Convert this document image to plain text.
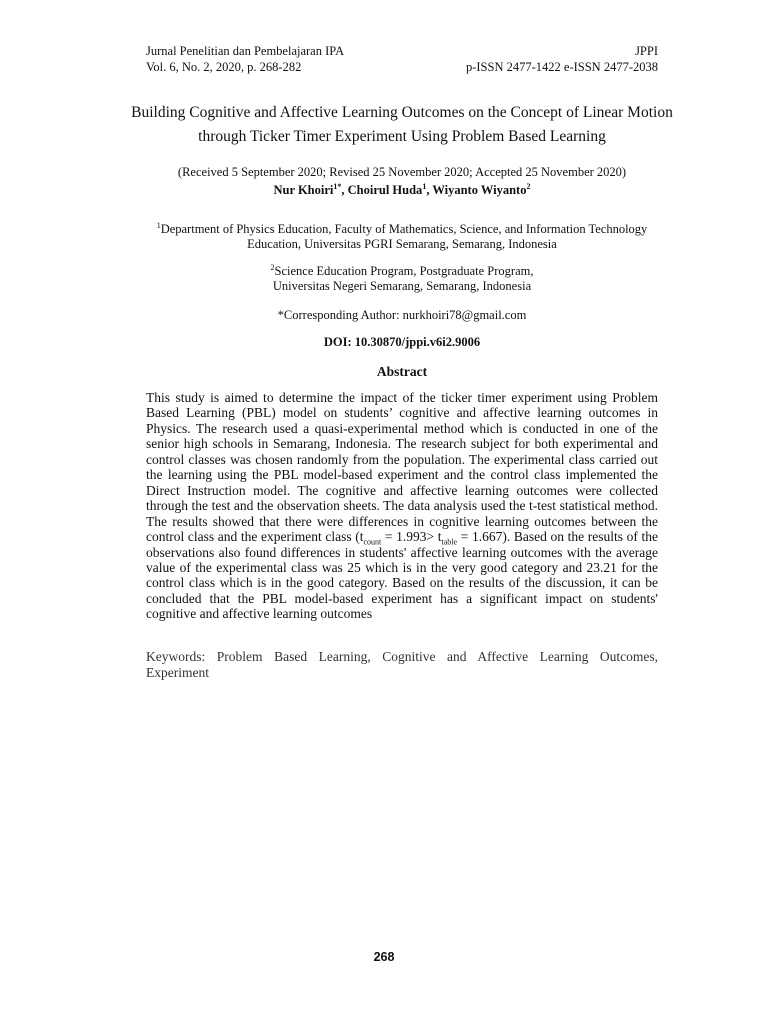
Jurnal Penelitian dan Pembelajaran IPA	JPPI
Vol. 6, No. 2, 2020, p. 268-282	p-ISSN 2477-1422 e-ISSN 2477-2038
Building Cognitive and Affective Learning Outcomes on the Concept of Linear Motion through Ticker Timer Experiment Using Problem Based Learning
(Received 5 September 2020; Revised 25 November 2020; Accepted 25 November 2020)
Nur Khoiri$^{1*}$, Choirul Huda$^1$, Wiyanto Wiyanto$^2$
$^1$Department of Physics Education, Faculty of Mathematics, Science, and Information Technology Education, Universitas PGRI Semarang, Semarang, Indonesia
$^2$Science Education Program, Postgraduate Program,
Universitas Negeri Semarang, Semarang, Indonesia
*Corresponding Author: nurkhoiri78@gmail.com
DOI: 10.30870/jppi.v6i2.9006
Abstract
This study is aimed to determine the impact of the ticker timer experiment using Problem Based Learning (PBL) model on students’ cognitive and affective learning outcomes in Physics. The research used a quasi-experimental method which is conducted in one of the senior high schools in Semarang, Indonesia. The research subject for both experimental and control classes was chosen randomly from the population. The experimental class carried out the learning using the PBL model-based experiment and the control class implemented the Direct Instruction model. The cognitive and affective learning outcomes were collected through the test and the observation sheets. The data analysis used the t-test statistical method. The results showed that there were differences in cognitive learning outcomes between the control class and the experiment class $(t_{count} = 1.993> t_{table} = 1.667)$. Based on the results of the observations also found differences in students' affective learning outcomes with the average value of the experimental class was 25 which is in the very good category and 23.21 for the control class which is in the good category. Based on the results of the discussion, it can be concluded that the PBL model-based experiment has a significant impact on students' cognitive and affective learning outcomes
Keywords: Problem Based Learning, Cognitive and Affective Learning Outcomes, Experiment
268
